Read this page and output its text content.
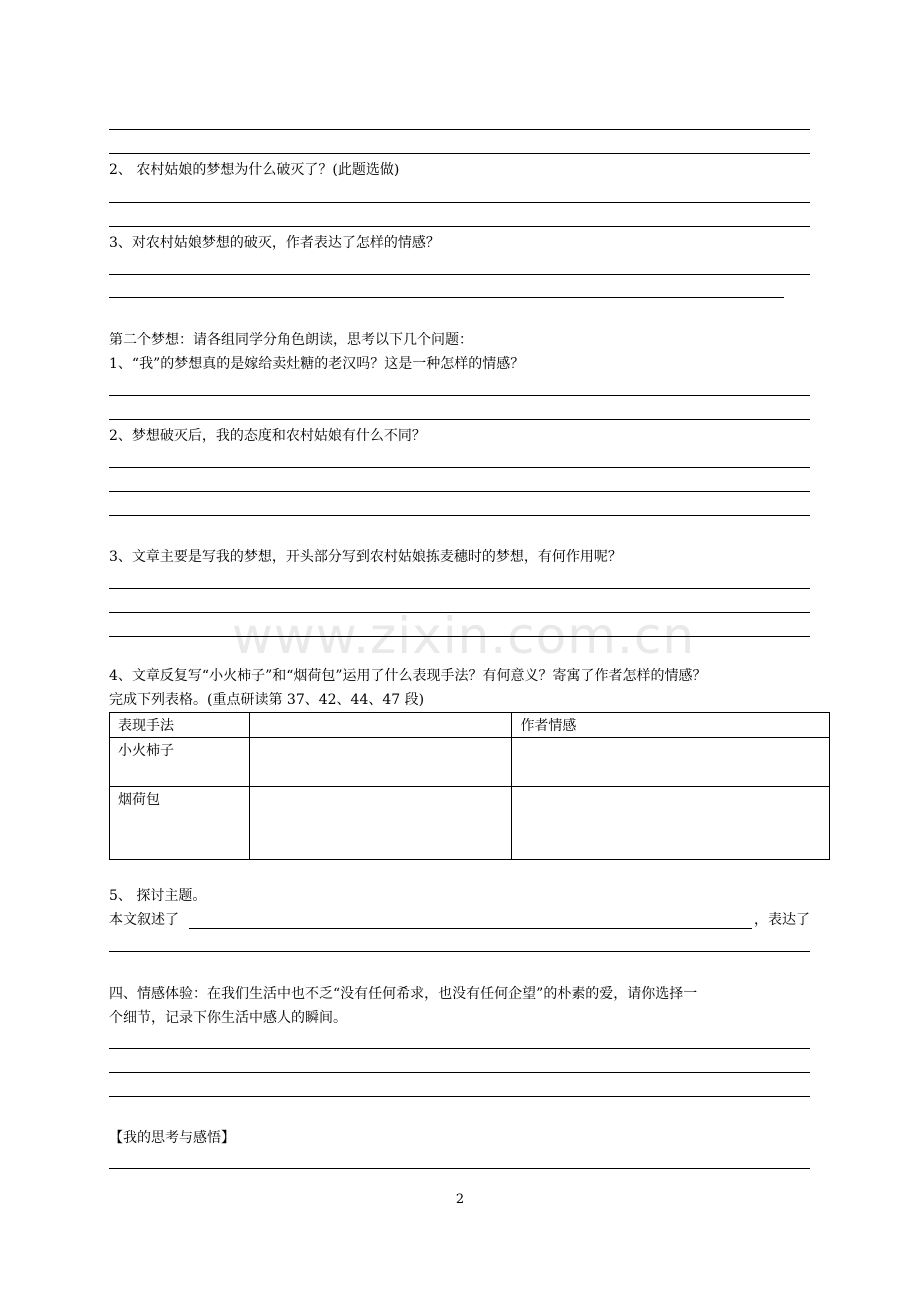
www.zixin.com.cn
2、 农村姑娘的梦想为什么破灭了？(此题选做)
3、对农村姑娘梦想的破灭，作者表达了怎样的情感？
第二个梦想：请各组同学分角色朗读，思考以下几个问题：
1、“我”的梦想真的是嫁给卖灶糖的老汉吗？这是一种怎样的情感？
2、梦想破灭后，我的态度和农村姑娘有什么不同？
3、文章主要是写我的梦想，开头部分写到农村姑娘拣麦穗时的梦想，有何作用呢？
4、文章反复写“小火柿子”和“烟荷包”运用了什么表现手法？有何意义？寄寓了作者怎样的情感？
完成下列表格。(重点研读第 37、42、44、47 段)
表现手法		作者情感
小火柿子		
烟荷包		
5、 探讨主题。
本文叙述了	，表达了
四、情感体验：在我们生活中也不乏“没有任何希求，也没有任何企望”的朴素的爱，请你选择一
个细节，记录下你生活中感人的瞬间。
【我的思考与感悟】
2
